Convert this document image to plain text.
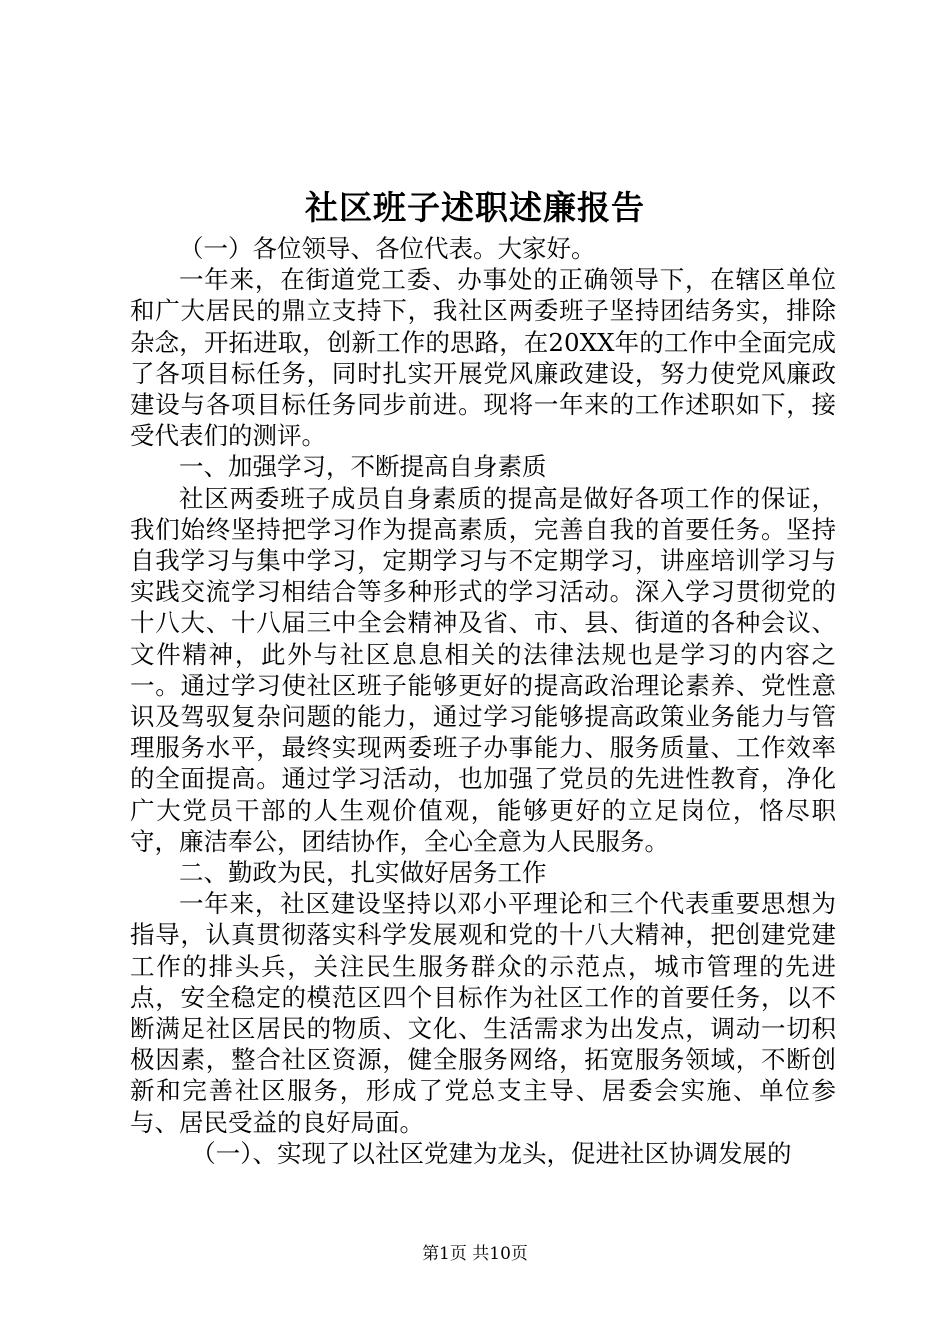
社区班子述职述廉报告

（一）各位领导、各位代表。大家好。

一年来，在街道党工委、办事处的正确领导下，在辖区单位和广大居民的鼎立支持下，我社区两委班子坚持团结务实，排除杂念，开拓进取，创新工作的思路，在20XX年的工作中全面完成了各项目标任务，同时扎实开展党风廉政建设，努力使党风廉政建设与各项目标任务同步前进。现将一年来的工作述职如下，接受代表们的测评。

一、加强学习，不断提高自身素质

社区两委班子成员自身素质的提高是做好各项工作的保证，我们始终坚持把学习作为提高素质，完善自我的首要任务。坚持自我学习与集中学习，定期学习与不定期学习，讲座培训学习与实践交流学习相结合等多种形式的学习活动。深入学习贯彻党的十八大、十八届三中全会精神及省、市、县、街道的各种会议、文件精神，此外与社区息息相关的法律法规也是学习的内容之一。通过学习使社区班子能够更好的提高政治理论素养、党性意识及驾驭复杂问题的能力，通过学习能够提高政策业务能力与管理服务水平，最终实现两委班子办事能力、服务质量、工作效率的全面提高。通过学习活动，也加强了党员的先进性教育，净化广大党员干部的人生观价值观，能够更好的立足岗位，恪尽职守，廉洁奉公，团结协作，全心全意为人民服务。

二、勤政为民，扎实做好居务工作

一年来，社区建设坚持以邓小平理论和三个代表重要思想为指导，认真贯彻落实科学发展观和党的十八大精神，把创建党建工作的排头兵，关注民生服务群众的示范点，城市管理的先进点，安全稳定的模范区四个目标作为社区工作的首要任务，以不断满足社区居民的物质、文化、生活需求为出发点，调动一切积极因素，整合社区资源，健全服务网络，拓宽服务领域，不断创新和完善社区服务，形成了党总支主导、居委会实施、单位参与、居民受益的良好局面。

（一）、实现了以社区党建为龙头，促进社区协调发展的

第1页 共10页
